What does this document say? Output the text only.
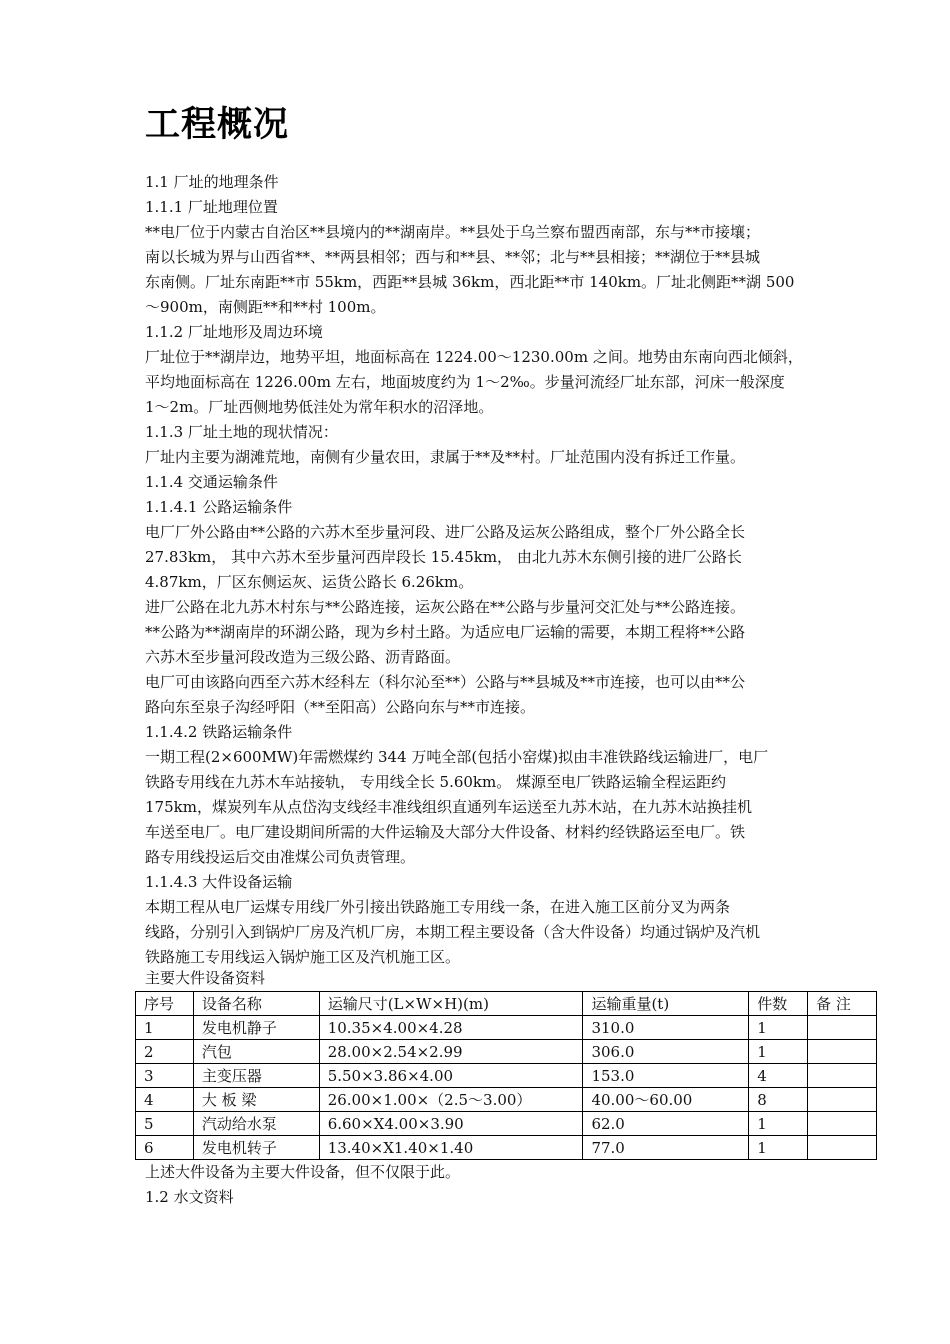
工程概况

1.1 厂址的地理条件

1.1.1 厂址地理位置

**电厂位于内蒙古自治区**县境内的**湖南岸。**县处于乌兰察布盟西南部，东与**市接壤；

南以长城为界与山西省**、**两县相邻；西与和**县、**邻；北与**县相接；**湖位于**县城

东南侧。厂址东南距**市 55km，西距**县城 36km，西北距**市 140km。厂址北侧距**湖 500

～900m，南侧距**和**村 100m。

1.1.2 厂址地形及周边环境

厂址位于**湖岸边，地势平坦，地面标高在 1224.00～1230.00m 之间。地势由东南向西北倾斜，

平均地面标高在 1226.00m 左右，地面坡度约为 1～2‰。步量河流经厂址东部，河床一般深度

1～2m。厂址西侧地势低洼处为常年积水的沼泽地。

1.1.3 厂址土地的现状情况：

厂址内主要为湖滩荒地，南侧有少量农田，隶属于**及**村。厂址范围内没有拆迁工作量。

1.1.4 交通运输条件

1.1.4.1 公路运输条件

电厂厂外公路由**公路的六苏木至步量河段、进厂公路及运灰公路组成，整个厂外公路全长

27.83km， 其中六苏木至步量河西岸段长 15.45km， 由北九苏木东侧引接的进厂公路长

4.87km，厂区东侧运灰、运货公路长 6.26km。

进厂公路在北九苏木村东与**公路连接，运灰公路在**公路与步量河交汇处与**公路连接。

**公路为**湖南岸的环湖公路，现为乡村土路。为适应电厂运输的需要，本期工程将**公路

六苏木至步量河段改造为三级公路、沥青路面。

电厂可由该路向西至六苏木经科左（科尔沁至**）公路与**县城及**市连接，也可以由**公

路向东至泉子沟经呼阳（**至阳高）公路向东与**市连接。

1.1.4.2 铁路运输条件

一期工程(2×600MW)年需燃煤约 344 万吨全部(包括小窑煤)拟由丰准铁路线运输进厂，电厂

铁路专用线在九苏木车站接轨， 专用线全长 5.60km。 煤源至电厂铁路运输全程运距约

175km，煤炭列车从点岱沟支线经丰准线组织直通列车运送至九苏木站，在九苏木站换挂机

车送至电厂。电厂建设期间所需的大件运输及大部分大件设备、材料约经铁路运至电厂。铁

路专用线投运后交由准煤公司负责管理。

1.1.4.3 大件设备运输

本期工程从电厂运煤专用线厂外引接出铁路施工专用线一条，在进入施工区前分叉为两条

线路，分别引入到锅炉厂房及汽机厂房，本期工程主要设备（含大件设备）均通过锅炉及汽机

铁路施工专用线运入锅炉施工区及汽机施工区。

主要大件设备资料
序号	设备名称	运输尺寸(L×W×H)(m)	运输重量(t)	件数	备 注
1	发电机静子	10.35×4.00×4.28	310.0	1	
2	汽包	28.00×2.54×2.99	306.0	1	
3	主变压器	5.50×3.86×4.00	153.0	4	
4	大 板 梁	26.00×1.00×（2.5～3.00）	40.00～60.00	8	
5	汽动给水泵	6.60×X4.00×3.90	62.0	1	
6	发电机转子	13.40×X1.40×1.40	77.0	1	

上述大件设备为主要大件设备，但不仅限于此。

1.2 水文资料
